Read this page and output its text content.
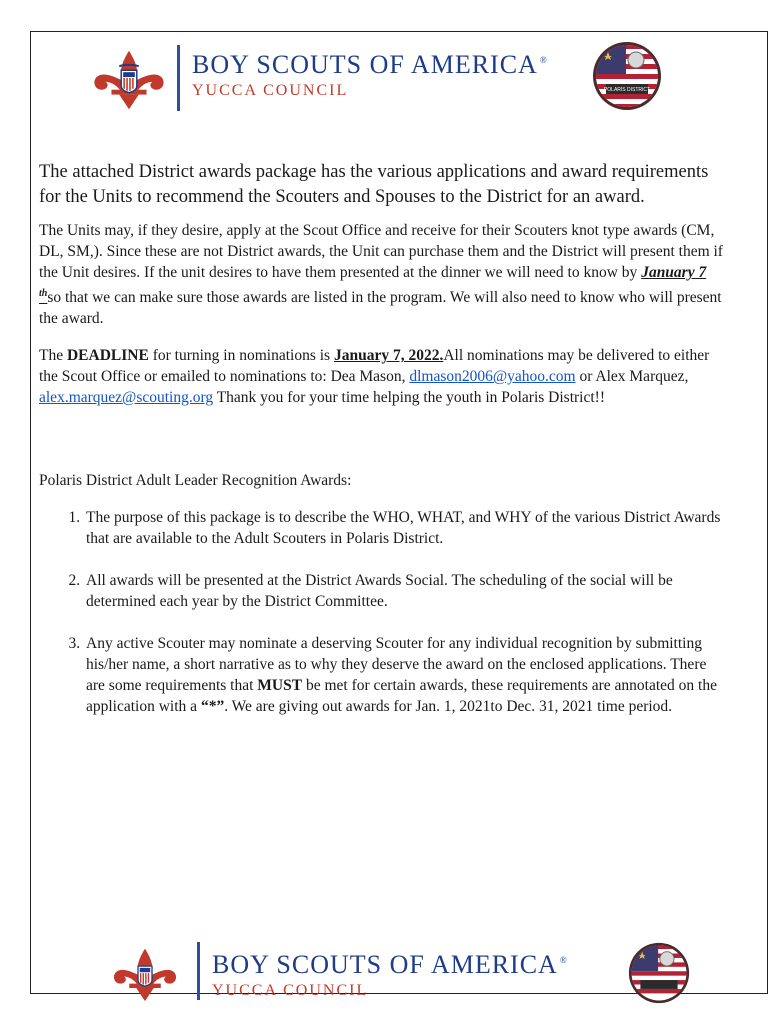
BOY SCOUTS OF AMERICA ®
YUCCA COUNCIL	POLARIS DISTRICT

The attached District awards package has the various applications and award requirements for the Units to recommend the Scouters and Spouses to the District for an award.

The Units may, if they desire, apply at the Scout Office and receive for their Scouters knot type awards (CM, DL, SM,). Since these are not District awards, the Unit can purchase them and the District will present them if the Unit desires. If the unit desires to have them presented at the dinner we will need to know by January 7 $^{th}$so that we can make sure those awards are listed in the program. We will also need to know who will present the award.

The DEADLINE for turning in nominations is January 7, 2022.All nominations may be delivered to either the Scout Office or emailed to nominations to: Dea Mason, dlmason2006@yahoo.com or Alex Marquez, alex.marquez@scouting.org Thank you for your time helping the youth in Polaris District!!

Polaris District Adult Leader Recognition Awards:

1. The purpose of this package is to describe the WHO, WHAT, and WHY of the various District Awards that are available to the Adult Scouters in Polaris District.
2. All awards will be presented at the District Awards Social. The scheduling of the social will be determined each year by the District Committee.
3. Any active Scouter may nominate a deserving Scouter for any individual recognition by submitting his/her name, a short narrative as to why they deserve the award on the enclosed applications. There are some requirements that MUST be met for certain awards, these requirements are annotated on the application with a “*”. We are giving out awards for Jan. 1, 2021to Dec. 31, 2021 time period.
BOY SCOUTS OF AMERICA ®
YUCCA COUNCIL
